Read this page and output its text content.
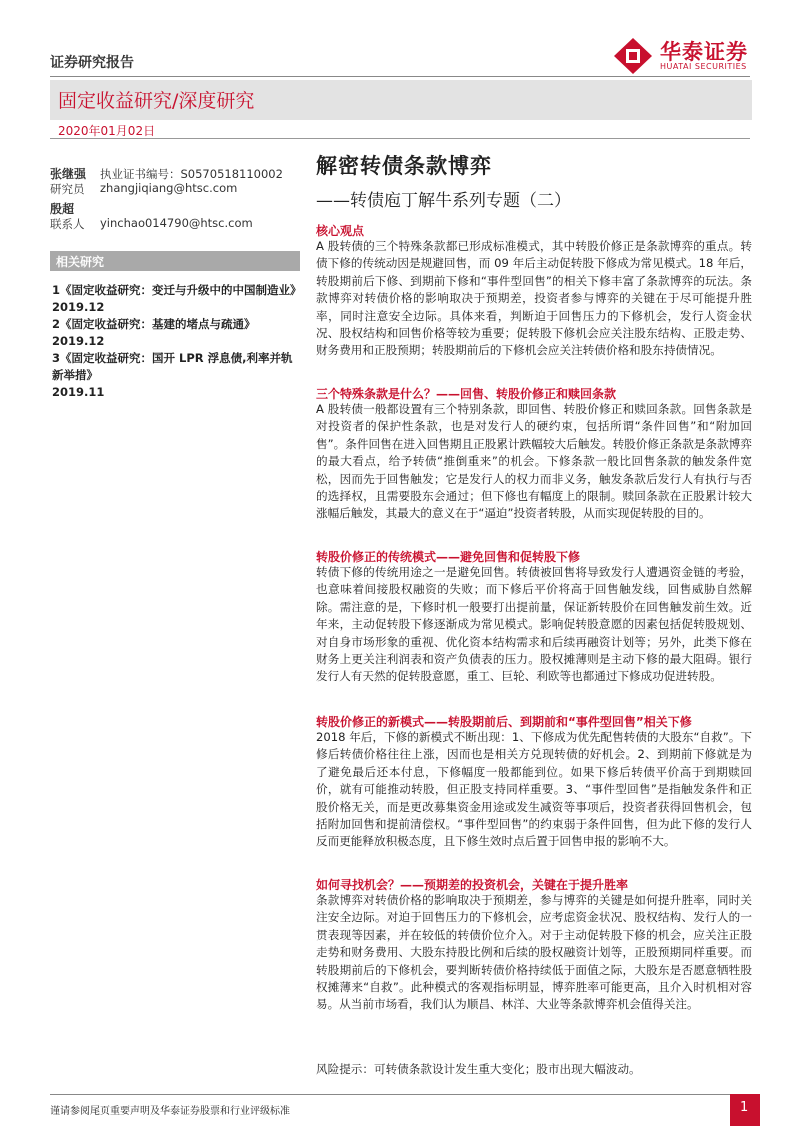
证券研究报告	华泰证券
HUATAI SECURITIES
固定收益研究/深度研究
2020年01月02日
张继强 执业证书编号：S0570518110002
研究员 zhangjiqiang@htsc.com
殷超
联系人 yinchao014790@htsc.com
相关研究
1《固定收益研究：变迁与升级中的中国制造业》
2019.12
2《固定收益研究：基建的堵点与疏通》
2019.12
3《固定收益研究：国开 LPR 浮息债,利率并轨新举措》
2019.11
解密转债条款博弈
——转债庖丁解牛系列专题（二）
核心观点
A 股转债的三个特殊条款都已形成标准模式，其中转股价修正是条款博弈的重点。转债下修的传统动因是规避回售，而 09 年后主动促转股下修成为常见模式。18 年后，转股期前后下修、到期前下修和“事件型回售”的相关下修丰富了条款博弈的玩法。条款博弈对转债价格的影响取决于预期差，投资者参与博弈的关键在于尽可能提升胜率，同时注意安全边际。具体来看，判断迫于回售压力的下修机会，发行人资金状况、股权结构和回售价格等较为重要；促转股下修机会应关注股东结构、正股走势、财务费用和正股预期；转股期前后的下修机会应关注转债价格和股东持债情况。
三个特殊条款是什么？——回售、转股价修正和赎回条款
A 股转债一般都设置有三个特别条款，即回售、转股价修正和赎回条款。回售条款是对投资者的保护性条款，也是对发行人的硬约束，包括所谓“条件回售”和“附加回售”。条件回售在进入回售期且正股累计跌幅较大后触发。转股价修正条款是条款博弈的最大看点，给予转债“推倒重来”的机会。下修条款一般比回售条款的触发条件宽松，因而先于回售触发；它是发行人的权力而非义务，触发条款后发行人有执行与否的选择权，且需要股东会通过；但下修也有幅度上的限制。赎回条款在正股累计较大涨幅后触发，其最大的意义在于“逼迫”投资者转股，从而实现促转股的目的。
转股价修正的传统模式——避免回售和促转股下修
转债下修的传统用途之一是避免回售。转债被回售将导致发行人遭遇资金链的考验，也意味着间接股权融资的失败；而下修后平价将高于回售触发线，回售威胁自然解除。需注意的是，下修时机一般要打出提前量，保证新转股价在回售触发前生效。近年来，主动促转股下修逐渐成为常见模式。影响促转股意愿的因素包括促转股规划、对自身市场形象的重视、优化资本结构需求和后续再融资计划等；另外，此类下修在财务上更关注利润表和资产负债表的压力。股权摊薄则是主动下修的最大阻碍。银行发行人有天然的促转股意愿，重工、巨轮、利欧等也都通过下修成功促进转股。
转股价修正的新模式——转股期前后、到期前和“事件型回售”相关下修
2018 年后，下修的新模式不断出现：1、下修成为优先配售转债的大股东“自救”。下修后转债价格往往上涨，因而也是相关方兑现转债的好机会。2、到期前下修就是为了避免最后还本付息，下修幅度一般都能到位。如果下修后转债平价高于到期赎回价，就有可能推动转股，但正股支持同样重要。3、“事件型回售”是指触发条件和正股价格无关，而是更改募集资金用途或发生减资等事项后，投资者获得回售机会，包括附加回售和提前清偿权。“事件型回售”的约束弱于条件回售，但为此下修的发行人反而更能释放积极态度，且下修生效时点后置于回售申报的影响不大。
如何寻找机会？——预期差的投资机会，关键在于提升胜率
条款博弈对转债价格的影响取决于预期差，参与博弈的关键是如何提升胜率，同时关注安全边际。对迫于回售压力的下修机会，应考虑资金状况、股权结构、发行人的一贯表现等因素，并在较低的转债价位介入。对于主动促转股下修的机会，应关注正股走势和财务费用、大股东持股比例和后续的股权融资计划等，正股预期同样重要。而转股期前后的下修机会，要判断转债价格持续低于面值之际，大股东是否愿意牺牲股权摊薄来“自救”。此种模式的客观指标明显，博弈胜率可能更高，且介入时机相对容易。从当前市场看，我们认为顺昌、林洋、大业等条款博弈机会值得关注。
风险提示：可转债条款设计发生重大变化；股市出现大幅波动。
谨请参阅尾页重要声明及华泰证券股票和行业评级标准	1
